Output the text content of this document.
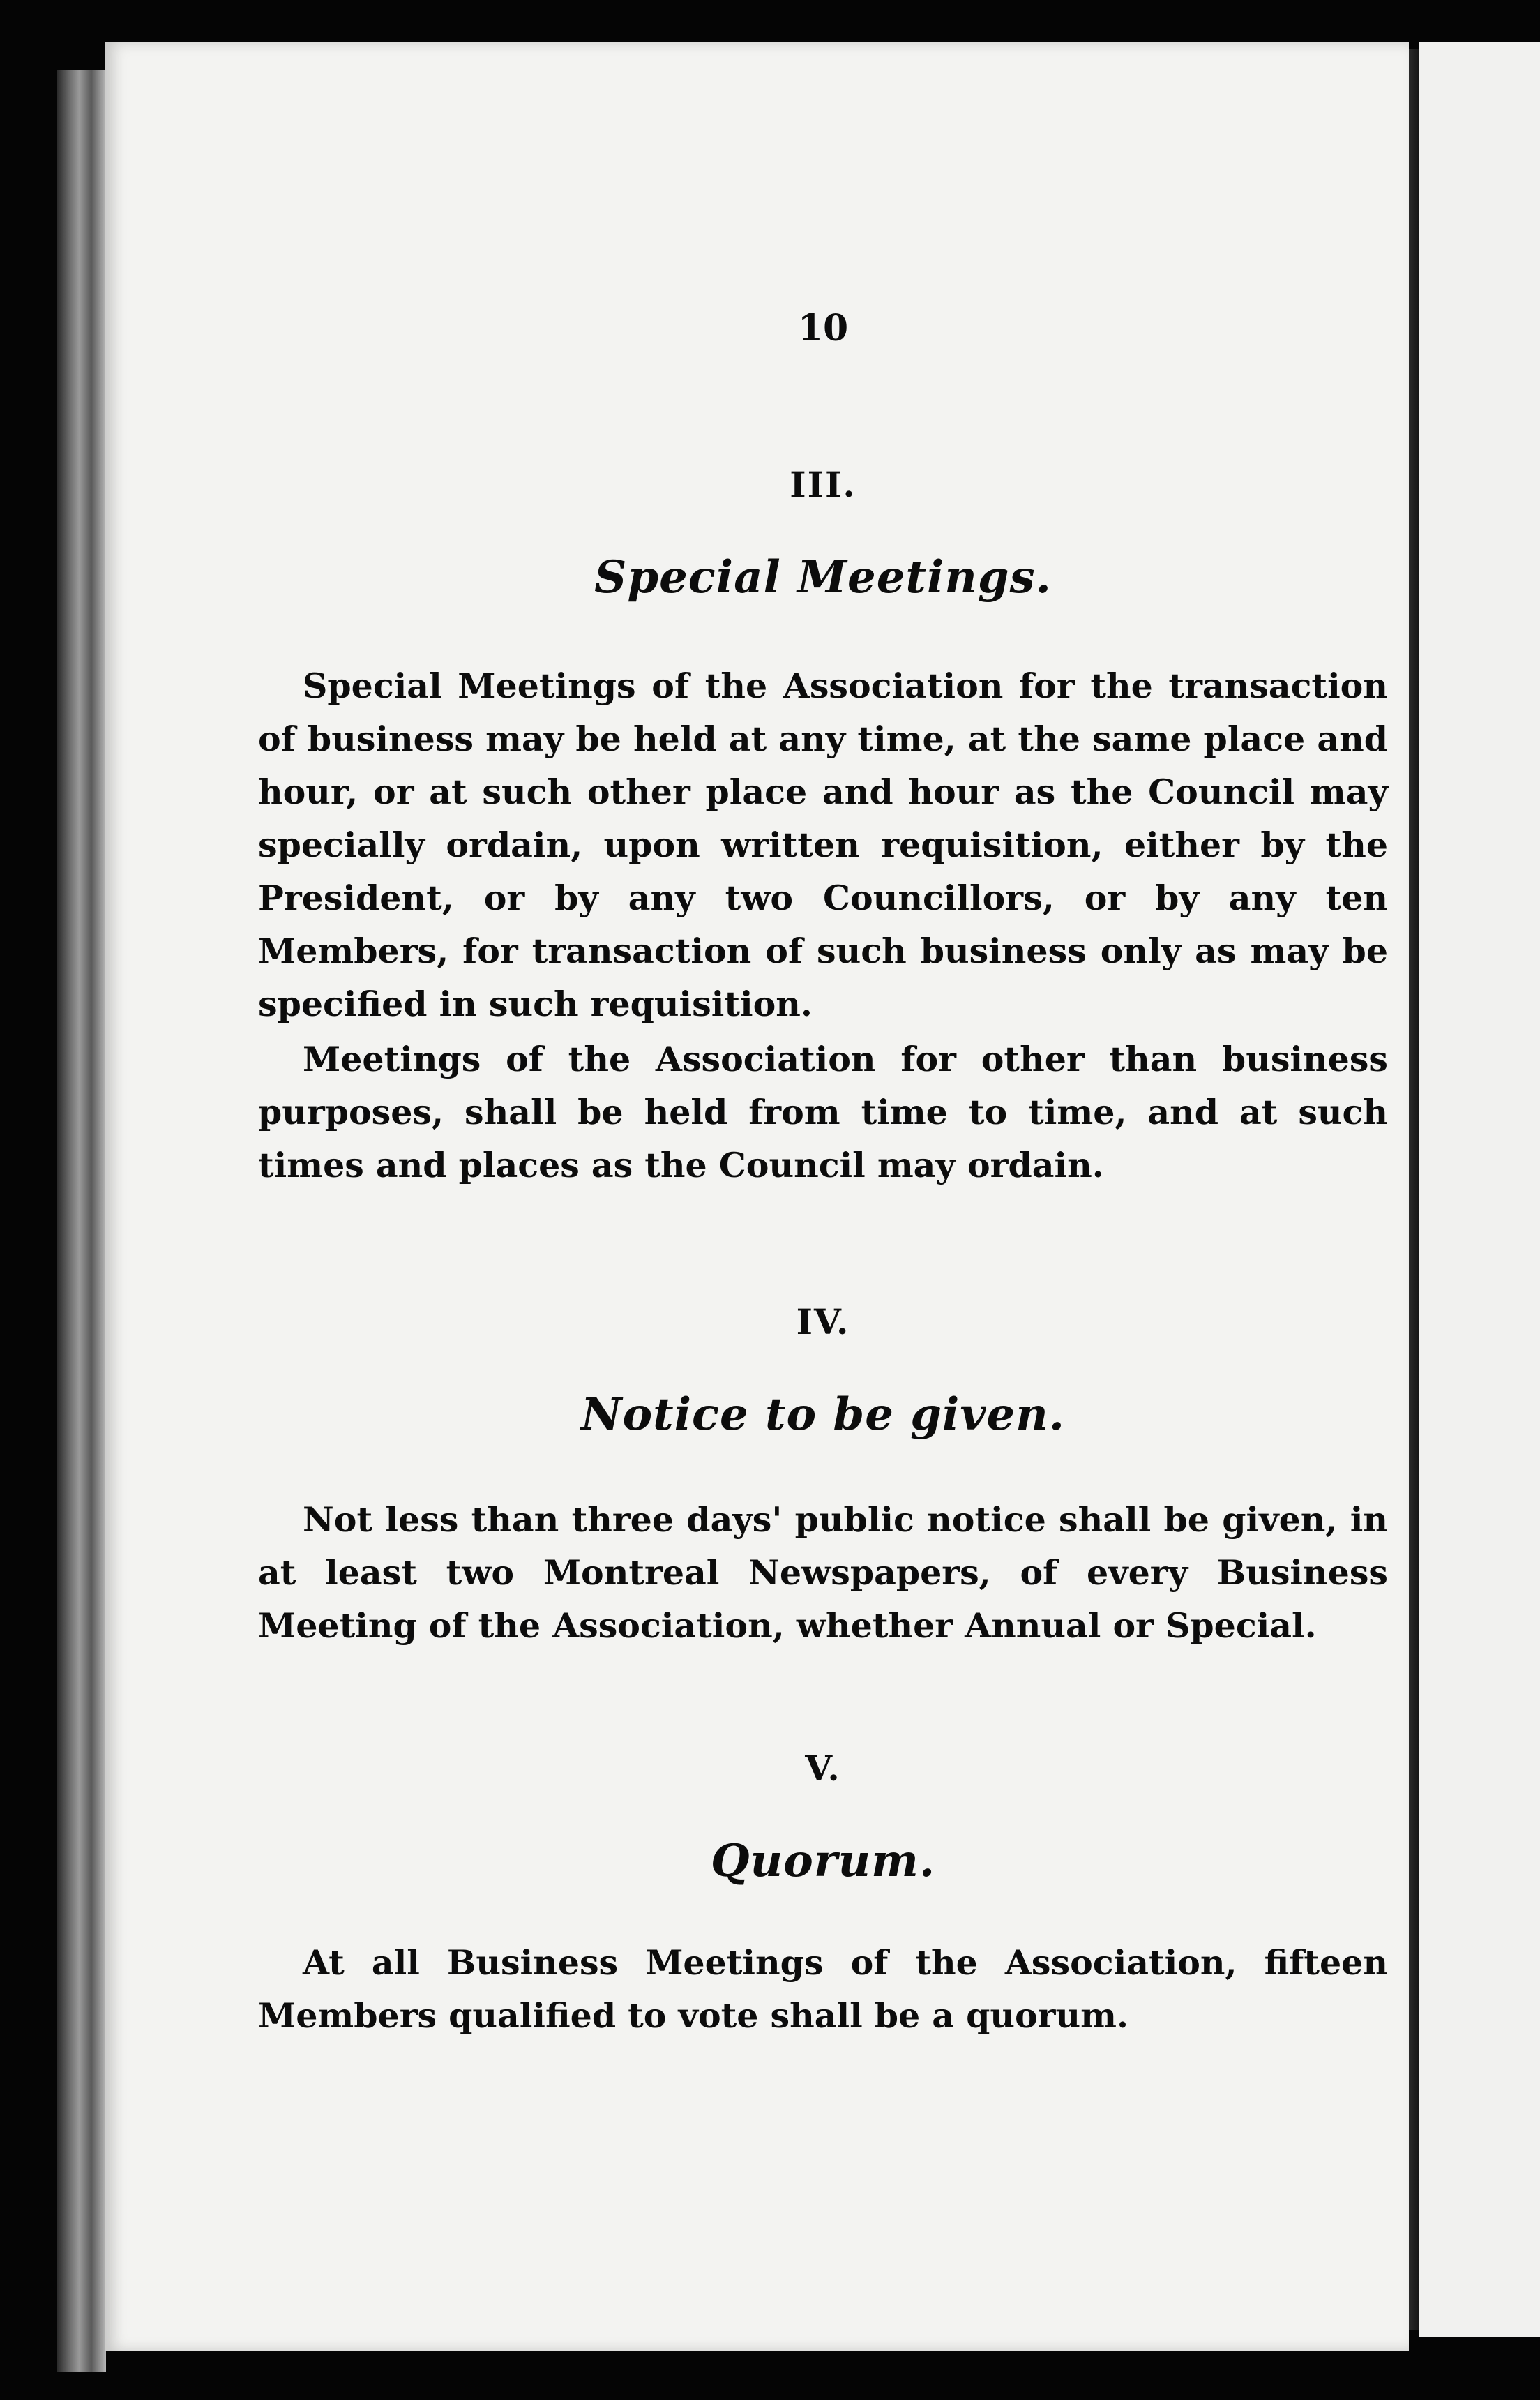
10
III.
Special Meetings.

Special Meetings of the Association for the transaction of business may be held at any time, at the same place and hour, or at such other place and hour as the Council may specially ordain, upon written requisition, either by the President, or by any two Councillors, or by any ten Members, for transaction of such business only as may be specified in such requisition.

Meetings of the Association for other than business purposes, shall be held from time to time, and at such times and places as the Council may ordain.

IV.
Notice to be given.

Not less than three days' public notice shall be given, in at least two Montreal Newspapers, of every Business Meeting of the Association, whether Annual or Special.

V.
Quorum.

At all Business Meetings of the Association, fifteen Members qualified to vote shall be a quorum.
